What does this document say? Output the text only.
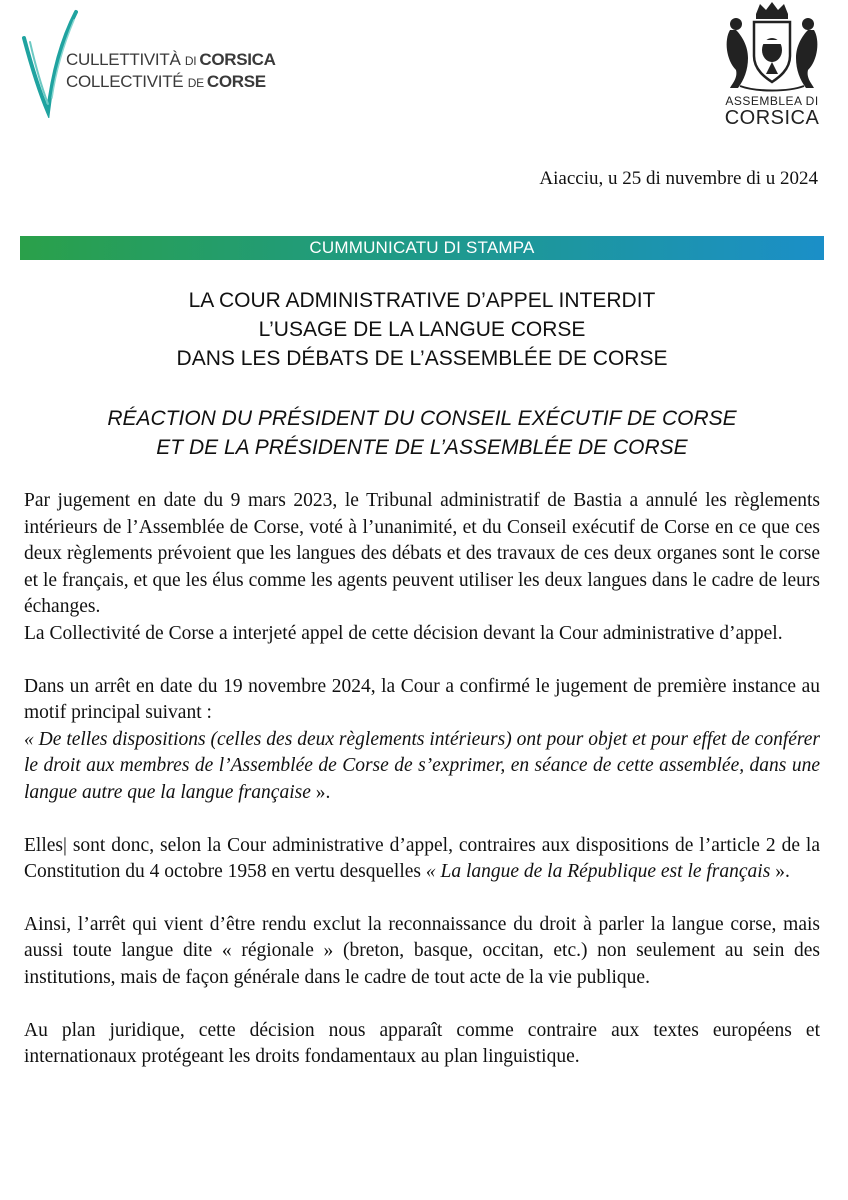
CULLETTIVITÀ DI CORSICA
COLLECTIVITÉ DE CORSE
ASSEMBLEA DI
CORSICA
Aiacciu, u 25 di nuvembre di u 2024
CUMMUNICATU DI STAMPA
LA COUR ADMINISTRATIVE D’APPEL INTERDIT
L’USAGE DE LA LANGUE CORSE
DANS LES DÉBATS DE L’ASSEMBLÉE DE CORSE
RÉACTION DU PRÉSIDENT DU CONSEIL EXÉCUTIF DE CORSE
ET DE LA PRÉSIDENTE DE L’ASSEMBLÉE DE CORSE

Par jugement en date du 9 mars 2023, le Tribunal administratif de Bastia a annulé les règlements intérieurs de l’Assemblée de Corse, voté à l’unanimité, et du Conseil exécutif de Corse en ce que ces deux règlements prévoient que les langues des débats et des travaux de ces deux organes sont le corse et le français, et que les élus comme les agents peuvent utiliser les deux langues dans le cadre de leurs échanges.

La Collectivité de Corse a interjeté appel de cette décision devant la Cour administrative d’appel.

Dans un arrêt en date du 19 novembre 2024, la Cour a confirmé le jugement de première instance au motif principal suivant :

« De telles dispositions (celles des deux règlements intérieurs) ont pour objet et pour effet de conférer le droit aux membres de l’Assemblée de Corse de s’exprimer, en séance de cette assemblée, dans une langue autre que la langue française ».

Elles| sont donc, selon la Cour administrative d’appel, contraires aux dispositions de l’article 2 de la Constitution du 4 octobre 1958 en vertu desquelles « La langue de la République est le français ».

Ainsi, l’arrêt qui vient d’être rendu exclut la reconnaissance du droit à parler la langue corse, mais aussi toute langue dite « régionale » (breton, basque, occitan, etc.) non seulement au sein des institutions, mais de façon générale dans le cadre de tout acte de la vie publique.

Au plan juridique, cette décision nous apparaît comme contraire aux textes européens et internationaux protégeant les droits fondamentaux au plan linguistique.
